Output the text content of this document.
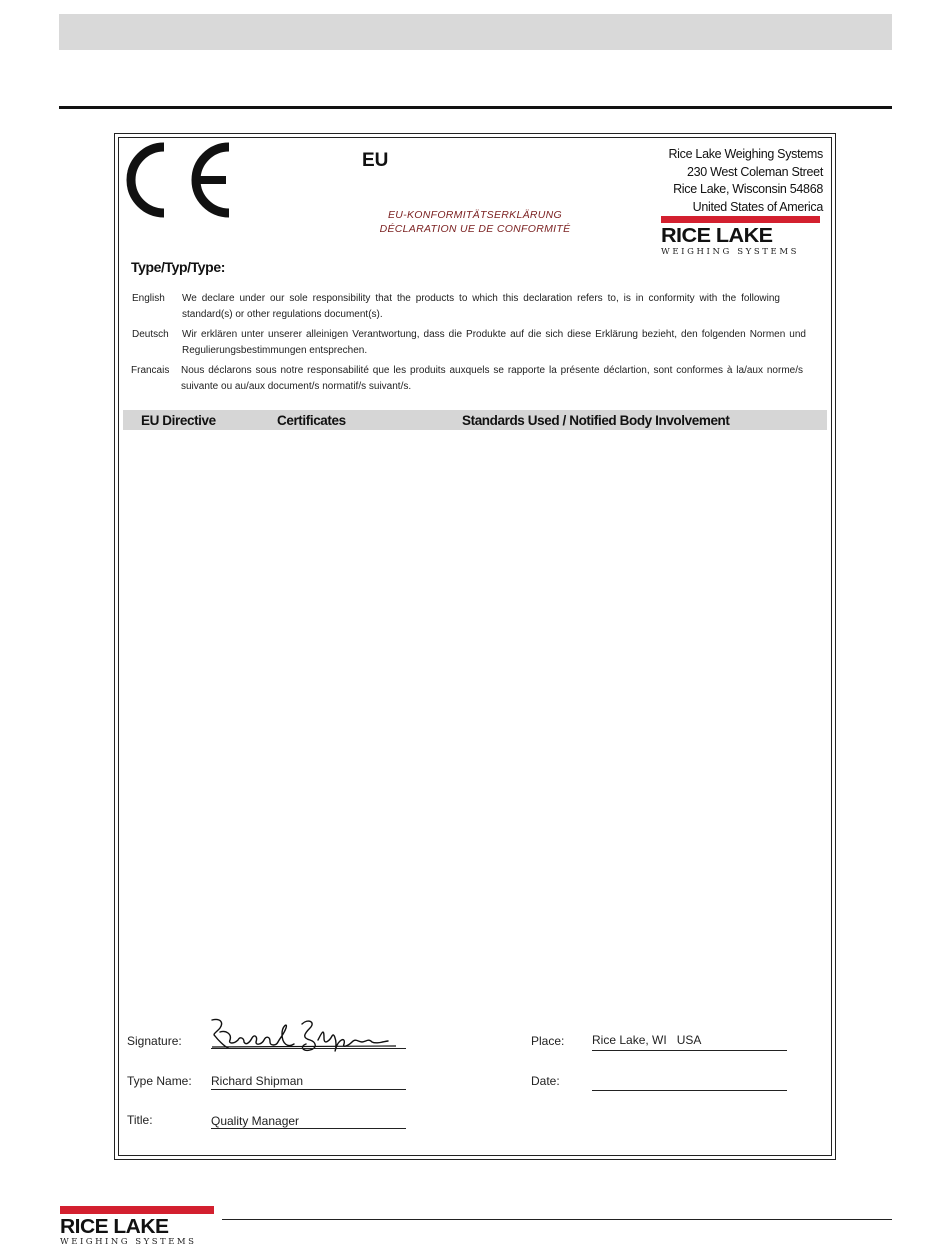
EU
EU-KONFORMITÄTSERKLÄRUNG
DÉCLARATION UE DE CONFORMITÉ
Rice Lake Weighing Systems
230 West Coleman Street
Rice Lake, Wisconsin 54868
United States of America
RICE LAKE
WEIGHING SYSTEMS
Type/Typ/Type:
English We declare under our sole responsibility that the products to which this declaration refers to, is in conformity with the following standard(s) or other regulations document(s).
Deutsch Wir erklären unter unserer alleinigen Verantwortung, dass die Produkte auf die sich diese Erklärung bezieht, den folgenden Normen und Regulierungsbestimmungen entsprechen.
Francais Nous déclarons sous notre responsabilité que les produits auxquels se rapporte la présente déclartion, sont conformes à la/aux norme/s suivante ou au/aux document/s normatif/s suivant/s.
EU Directive	Certificates	Standards Used / Notified Body Involvement
Signature:
Type Name: Richard Shipman
Title:	Quality Manager
Place: Rice Lake, WI   USA
Date:
RICE LAKE
WEIGHING SYSTEMS
